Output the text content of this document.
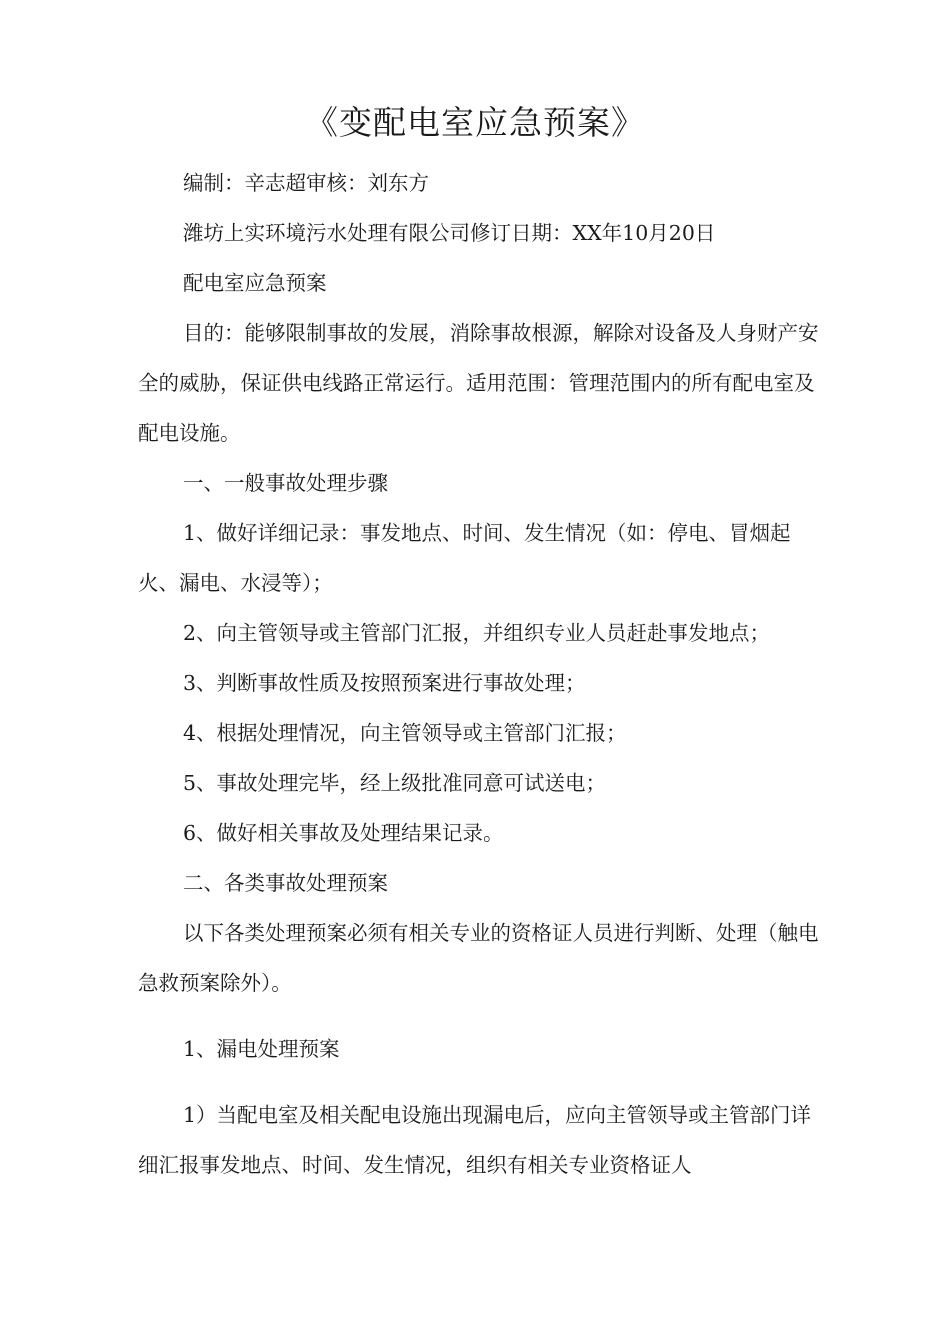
《变配电室应急预案》

编制：辛志超审核：刘东方

潍坊上实环境污水处理有限公司修订日期：XX年10月20日

配电室应急预案

目的：能够限制事故的发展，消除事故根源，解除对设备及人身财产安全的威胁，保证供电线路正常运行。适用范围：管理范围内的所有配电室及配电设施。

一、一般事故处理步骤

1、做好详细记录：事发地点、时间、发生情况（如：停电、冒烟起火、漏电、水浸等）；

2、向主管领导或主管部门汇报，并组织专业人员赶赴事发地点；

3、判断事故性质及按照预案进行事故处理；

4、根据处理情况，向主管领导或主管部门汇报；

5、事故处理完毕，经上级批准同意可试送电；

6、做好相关事故及处理结果记录。

二、各类事故处理预案

以下各类处理预案必须有相关专业的资格证人员进行判断、处理（触电急救预案除外）。

1、漏电处理预案

1）当配电室及相关配电设施出现漏电后，应向主管领导或主管部门详细汇报事发地点、时间、发生情况，组织有相关专业资格证人
